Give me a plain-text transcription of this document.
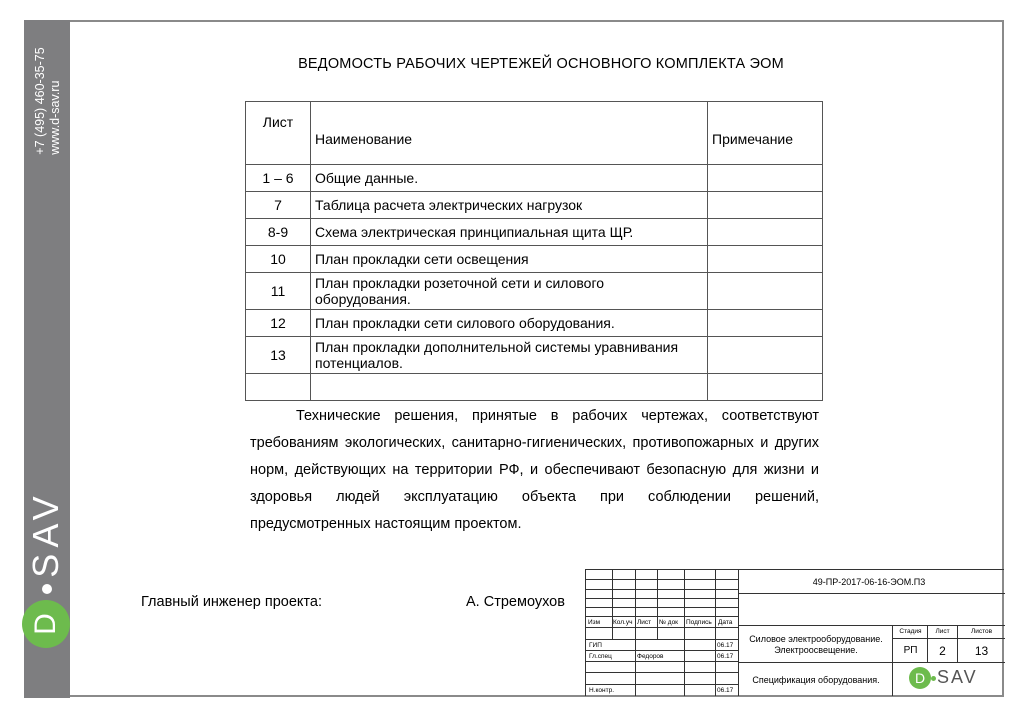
+7 (495) 460-35-75 www.d-sav.ru
SAV
D
ВЕДОМОСТЬ РАБОЧИХ ЧЕРТЕЖЕЙ ОСНОВНОГО КОМПЛЕКТА ЭОМ
Лист	Наименование	Примечание
1 – 6	Общие данные.	
7	Таблица расчета электрических нагрузок	
8-9	Схема электрическая принципиальная щита ЩР.	
10	План прокладки сети освещения	
11	План прокладки розеточной сети и силового оборудования.	
12	План прокладки сети силового оборудования.	
13	План прокладки дополнительной системы уравнивания потенциалов.	

Технические решения, принятые в рабочих чертежах, соответствуют требованиям экологических, санитарно-гигиенических, противопожарных и других норм, действующих на территории РФ, и обеспечивают безопасную для жизни и здоровья людей эксплуатацию объекта при соблюдении решений, предусмотренных настоящим проектом.
Главный инженер проекта:	А. Стремоухов
Изм Кол.уч Лист № док Подпись Дата
ГИП	06.17
Гл.спец	Федоров	06.17
Н.контр.	06.17
49-ПР-2017-06-16-ЭОМ.П3
Силовое электрооборудование.
Электроосвещение.
Спецификация оборудования.
Стадия	Лист	Листов
РП	2	13
D SAV
